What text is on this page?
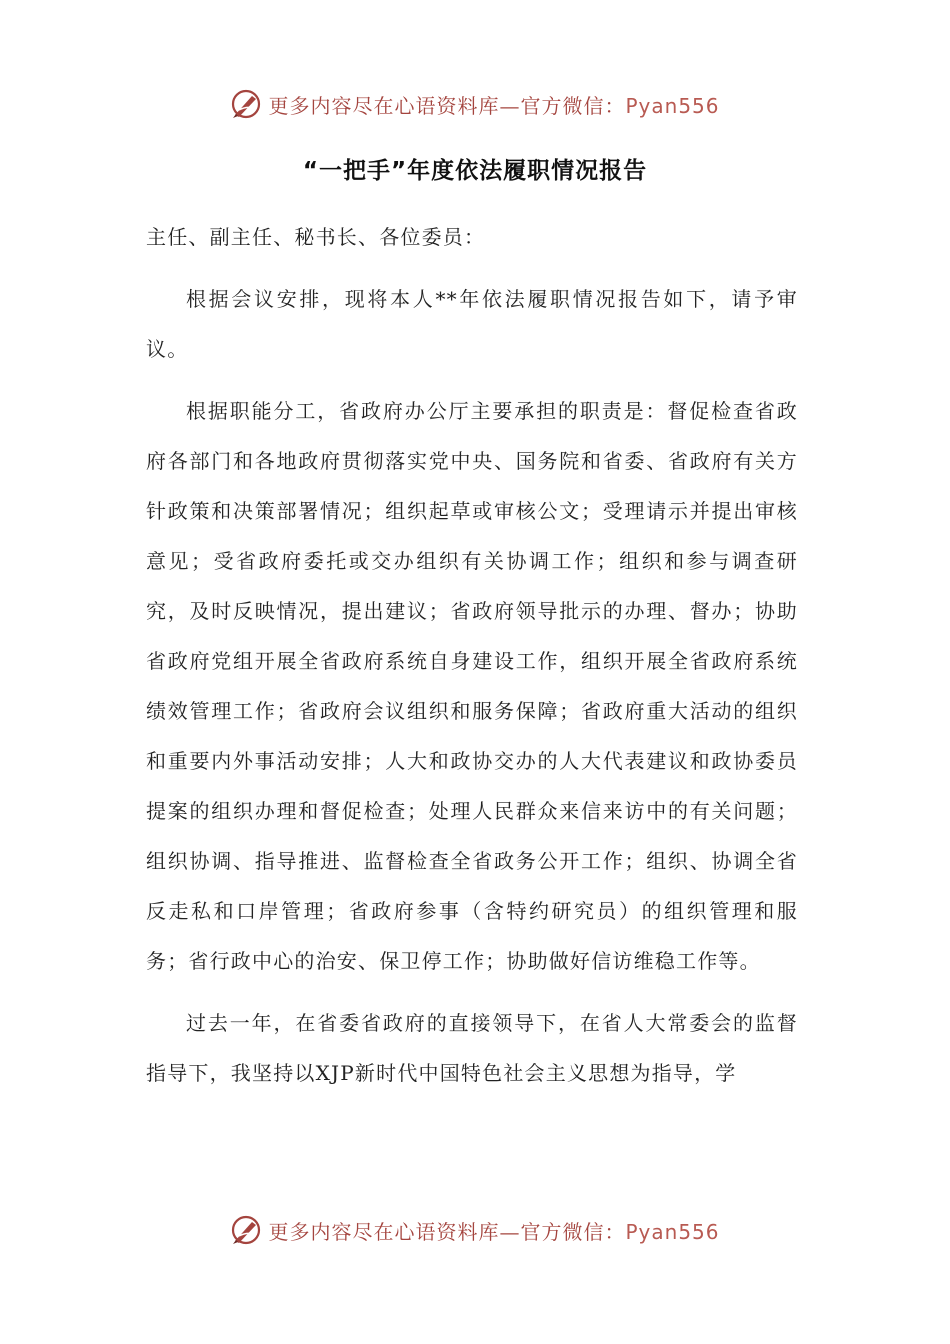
更多内容尽在心语资料库—官方微信：Pyan556
“一把手”年度依法履职情况报告

主任、副主任、秘书长、各位委员：

根据会议安排，现将本人**年依法履职情况报告如下，请予审议。

根据职能分工，省政府办公厅主要承担的职责是：督促检查省政府各部门和各地政府贯彻落实党中央、国务院和省委、省政府有关方针政策和决策部署情况；组织起草或审核公文；受理请示并提出审核意见；受省政府委托或交办组织有关协调工作；组织和参与调查研究，及时反映情况，提出建议；省政府领导批示的办理、督办；协助省政府党组开展全省政府系统自身建设工作，组织开展全省政府系统绩效管理工作；省政府会议组织和服务保障；省政府重大活动的组织和重要内外事活动安排；人大和政协交办的人大代表建议和政协委员提案的组织办理和督促检查；处理人民群众来信来访中的有关问题；组织协调、指导推进、监督检查全省政务公开工作；组织、协调全省反走私和口岸管理；省政府参事（含特约研究员）的组织管理和服务；省行政中心的治安、保卫停工作；协助做好信访维稳工作等。

过去一年，在省委省政府的直接领导下，在省人大常委会的监督指导下，我坚持以XJP新时代中国特色社会主义思想为指导，学

更多内容尽在心语资料库—官方微信：Pyan556
